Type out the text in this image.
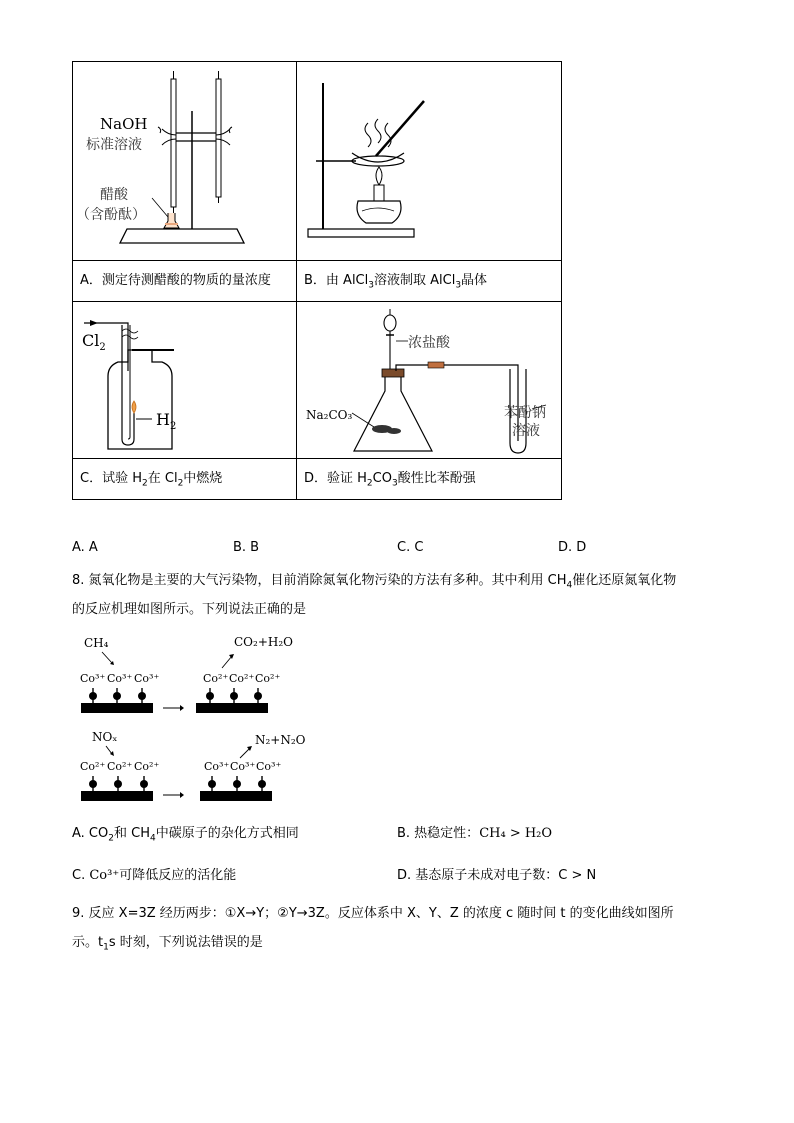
NaOH
标准溶液
醋酸
（含酚酞）
A．测定待测醋酸的物质的量浓度	B．由 AlCl$_3$溶液制取 AlCl$_3$晶体
$Cl_2$
$H_2$
浓盐酸
Na₂CO₃	苯酚钠
溶液
C．试验 $H_2$在 $Cl_2$中燃烧	D．验证 $H_2CO_3$酸性比苯酚强
A. A	B. B	C. C	D. D
8. 氮氧化物是主要的大气污染物，目前消除氮氧化物污染的方法有多种。其中利用 $CH_4$催化还原氮氧化物
的反应机理如图所示。下列说法正确的是
CH₄
Co³⁺ Co³⁺ Co³⁺
CO₂+H₂O
Co²⁺ Co²⁺ Co²⁺
NOₓ
Co²⁺ Co²⁺ Co²⁺
N₂+N₂O
Co³⁺ Co³⁺ Co³⁺
A. $CO_2$和 $CH_4$中碳原子的杂化方式相同	B. 热稳定性：CH₄ > H₂O
C. Co³⁺可降低反应的活化能	D. 基态原子未成对电子数：C > N
9. 反应 X=3Z 经历两步：①X→Y；②Y→3Z。反应体系中 X、Y、Z 的浓度 c 随时间 t 的变化曲线如图所
示。$t_1s$ 时刻，下列说法错误的是
